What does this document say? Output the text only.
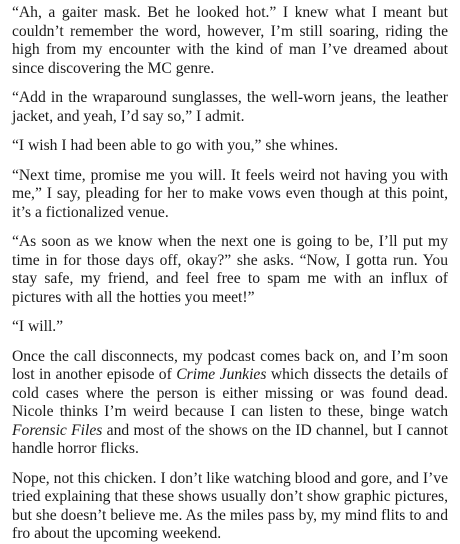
“Ah, a gaiter mask. Bet he looked hot.” I knew what I meant but couldn’t remember the word, however, I’m still soaring, riding the high from my encounter with the kind of man I’ve dreamed about since discovering the MC genre.

“Add in the wraparound sunglasses, the well-worn jeans, the leather jacket, and yeah, I’d say so,” I admit.

“I wish I had been able to go with you,” she whines.

“Next time, promise me you will. It feels weird not having you with me,” I say, pleading for her to make vows even though at this point, it’s a fictionalized venue.

“As soon as we know when the next one is going to be, I’ll put my time in for those days off, okay?” she asks. “Now, I gotta run. You stay safe, my friend, and feel free to spam me with an influx of pictures with all the hotties you meet!”

“I will.”

Once the call disconnects, my podcast comes back on, and I’m soon lost in another episode of Crime Junkies which dissects the details of cold cases where the person is either missing or was found dead. Nicole thinks I’m weird because I can listen to these, binge watch Forensic Files and most of the shows on the ID channel, but I cannot handle horror flicks.

Nope, not this chicken. I don’t like watching blood and gore, and I’ve tried explaining that these shows usually don’t show graphic pictures, but she doesn’t believe me. As the miles pass by, my mind flits to and fro about the upcoming weekend.
